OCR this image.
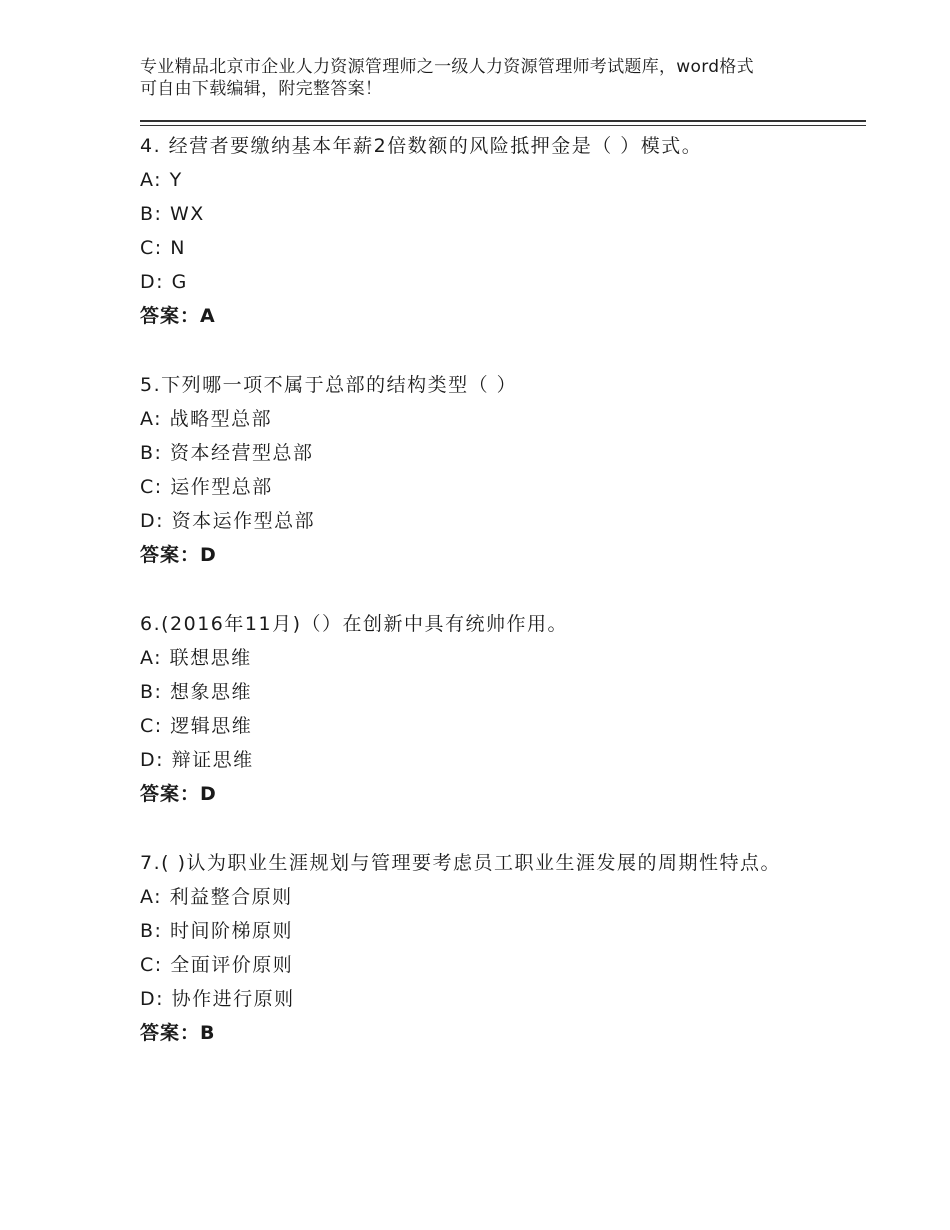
专业精品北京市企业人力资源管理师之一级人力资源管理师考试题库，word格式
可自由下载编辑，附完整答案！
4. 经营者要缴纳基本年薪2倍数额的风险抵押金是（ ）模式。
A: Y
B: WX
C: N
D: G
答案：A
5.下列哪一项不属于总部的结构类型（ ）
A: 战略型总部
B: 资本经营型总部
C: 运作型总部
D: 资本运作型总部
答案：D
6.(2016年11月)（）在创新中具有统帅作用。
A: 联想思维
B: 想象思维
C: 逻辑思维
D: 辩证思维
答案：D
7.( )认为职业生涯规划与管理要考虑员工职业生涯发展的周期性特点。
A: 利益整合原则
B: 时间阶梯原则
C: 全面评价原则
D: 协作进行原则
答案：B
